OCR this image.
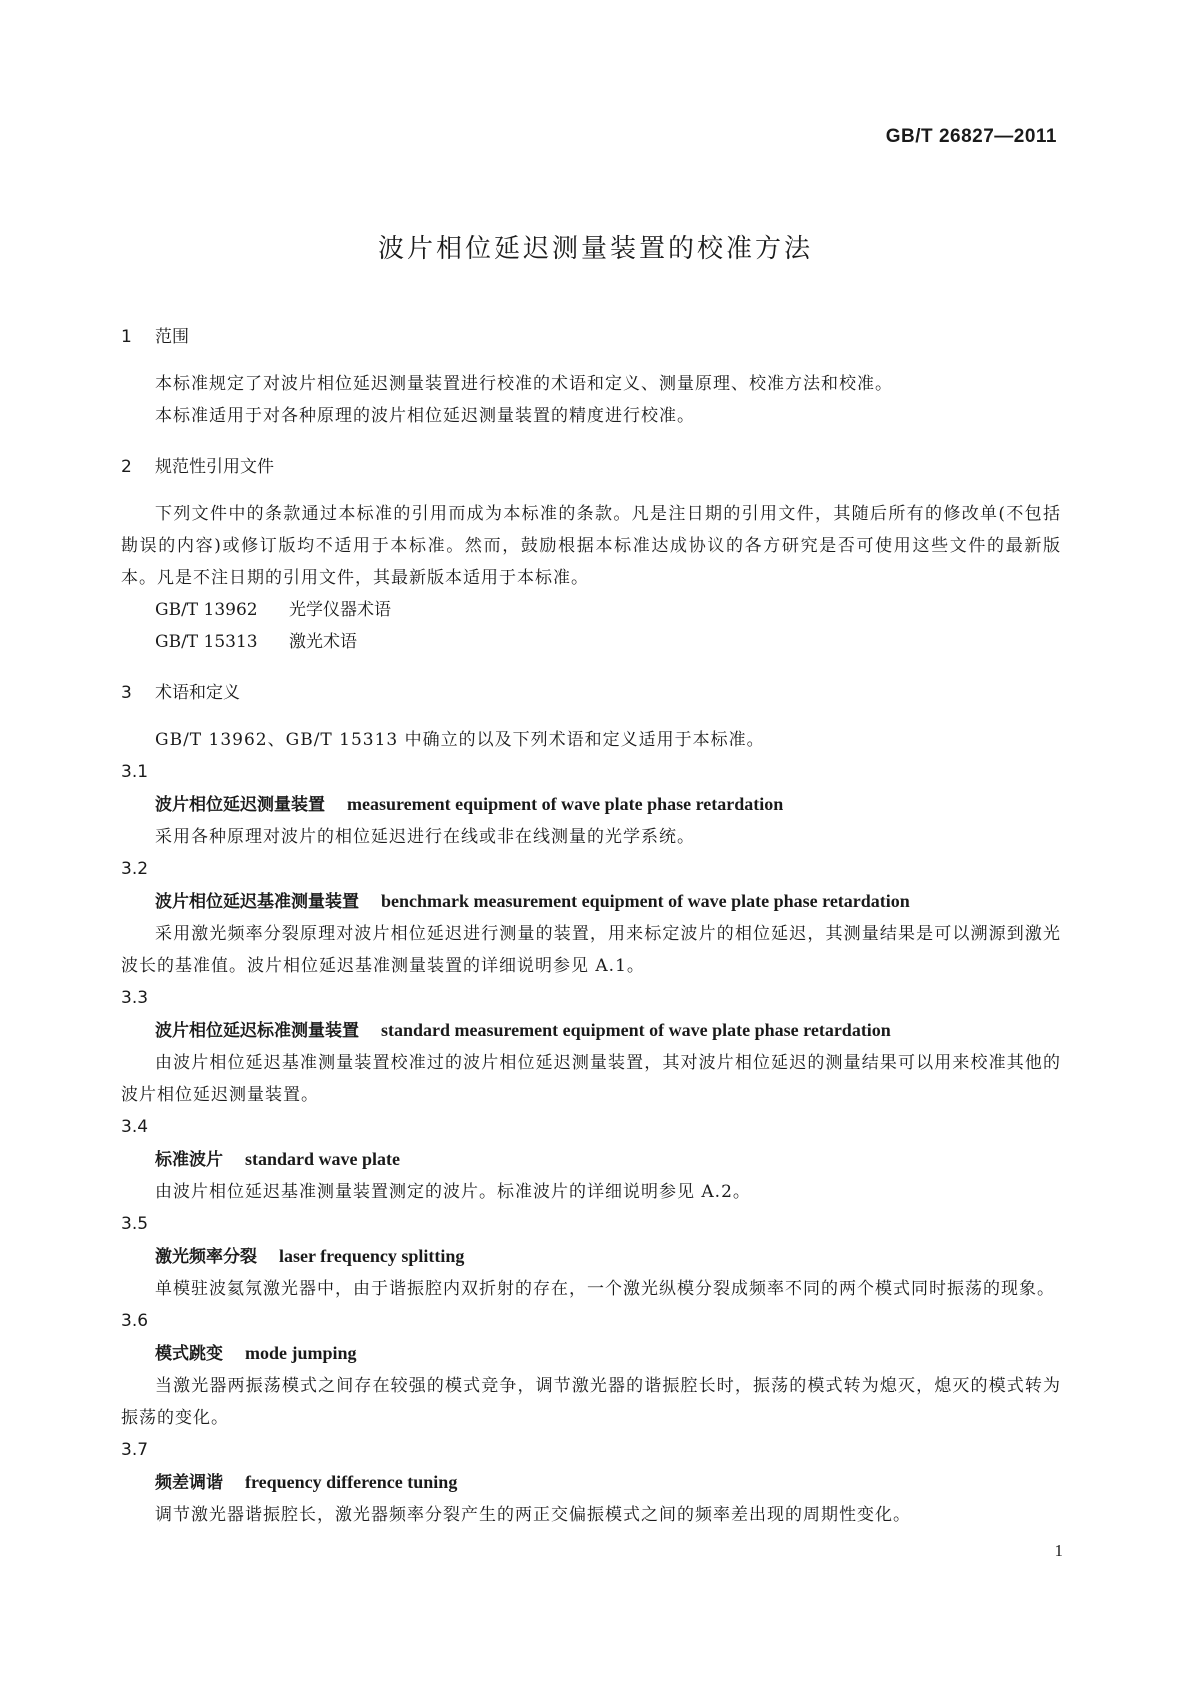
GB/T 26827—2011
波片相位延迟测量装置的校准方法

1 范围

本标准规定了对波片相位延迟测量装置进行校准的术语和定义、测量原理、校准方法和校准。

本标准适用于对各种原理的波片相位延迟测量装置的精度进行校准。

2 规范性引用文件

下列文件中的条款通过本标准的引用而成为本标准的条款。凡是注日期的引用文件，其随后所有的修改单(不包括勘误的内容)或修订版均不适用于本标准。然而，鼓励根据本标准达成协议的各方研究是否可使用这些文件的最新版本。凡是不注日期的引用文件，其最新版本适用于本标准。

GB/T 13962 光学仪器术语

GB/T 15313 激光术语

3 术语和定义

GB/T 13962、GB/T 15313 中确立的以及下列术语和定义适用于本标准。

3.1

波片相位延迟测量装置 measurement equipment of wave plate phase retardation

采用各种原理对波片的相位延迟进行在线或非在线测量的光学系统。

3.2

波片相位延迟基准测量装置 benchmark measurement equipment of wave plate phase retardation

采用激光频率分裂原理对波片相位延迟进行测量的装置，用来标定波片的相位延迟，其测量结果是可以溯源到激光波长的基准值。波片相位延迟基准测量装置的详细说明参见 A.1。

3.3

波片相位延迟标准测量装置 standard measurement equipment of wave plate phase retardation

由波片相位延迟基准测量装置校准过的波片相位延迟测量装置，其对波片相位延迟的测量结果可以用来校准其他的波片相位延迟测量装置。

3.4

标准波片 standard wave plate

由波片相位延迟基准测量装置测定的波片。标准波片的详细说明参见 A.2。

3.5

激光频率分裂 laser frequency splitting

单模驻波氦氖激光器中，由于谐振腔内双折射的存在，一个激光纵模分裂成频率不同的两个模式同时振荡的现象。

3.6

模式跳变 mode jumping

当激光器两振荡模式之间存在较强的模式竞争，调节激光器的谐振腔长时，振荡的模式转为熄灭，熄灭的模式转为振荡的变化。

3.7

频差调谐 frequency difference tuning

调节激光器谐振腔长，激光器频率分裂产生的两正交偏振模式之间的频率差出现的周期性变化。

1
